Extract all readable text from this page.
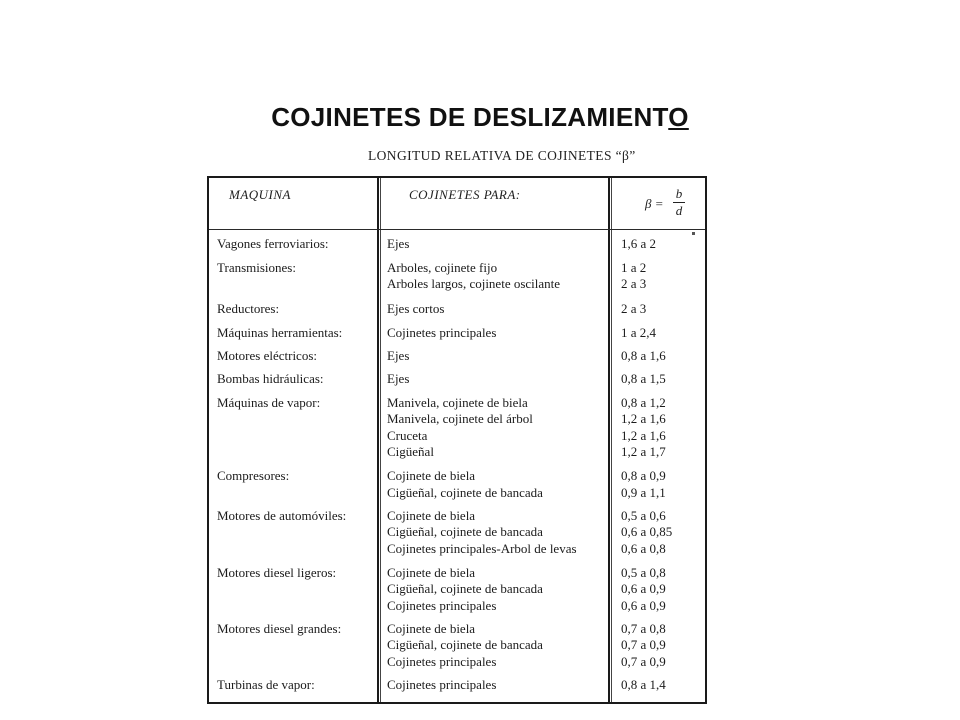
COJINETES DE DESLIZAMIENTO
LONGITUD RELATIVA DE COJINETES “β”
MAQUINA	COJINETES PARA:
β =
b
d
Vagones ferroviarios:	Ejes	1,6 a 2
Transmisiones:	Arboles, cojinete fijo	1 a 2
Arboles largos, cojinete oscilante	2 a 3
Reductores:	Ejes cortos	2 a 3
Máquinas herramientas:	Cojinetes principales	1 a 2,4
Motores eléctricos:	Ejes	0,8 a 1,6
Bombas hidráulicas:	Ejes	0,8 a 1,5
Máquinas de vapor:	Manivela, cojinete de biela	0,8 a 1,2
Manivela, cojinete del árbol	1,2 a 1,6
Cruceta	1,2 a 1,6
Cigüeñal	1,2 a 1,7
Compresores:	Cojinete de biela	0,8 a 0,9
Cigüeñal, cojinete de bancada	0,9 a 1,1
Motores de automóviles:	Cojinete de biela	0,5 a 0,6
Cigüeñal, cojinete de bancada	0,6 a 0,85
Cojinetes principales-Arbol de levas	0,6 a 0,8
Motores diesel ligeros:	Cojinete de biela	0,5 a 0,8
Cigüeñal, cojinete de bancada	0,6 a 0,9
Cojinetes principales	0,6 a 0,9
Motores diesel grandes:	Cojinete de biela	0,7 a 0,8
Cigüeñal, cojinete de bancada	0,7 a 0,9
Cojinetes principales	0,7 a 0,9
Turbinas de vapor:	Cojinetes principales	0,8 a 1,4
